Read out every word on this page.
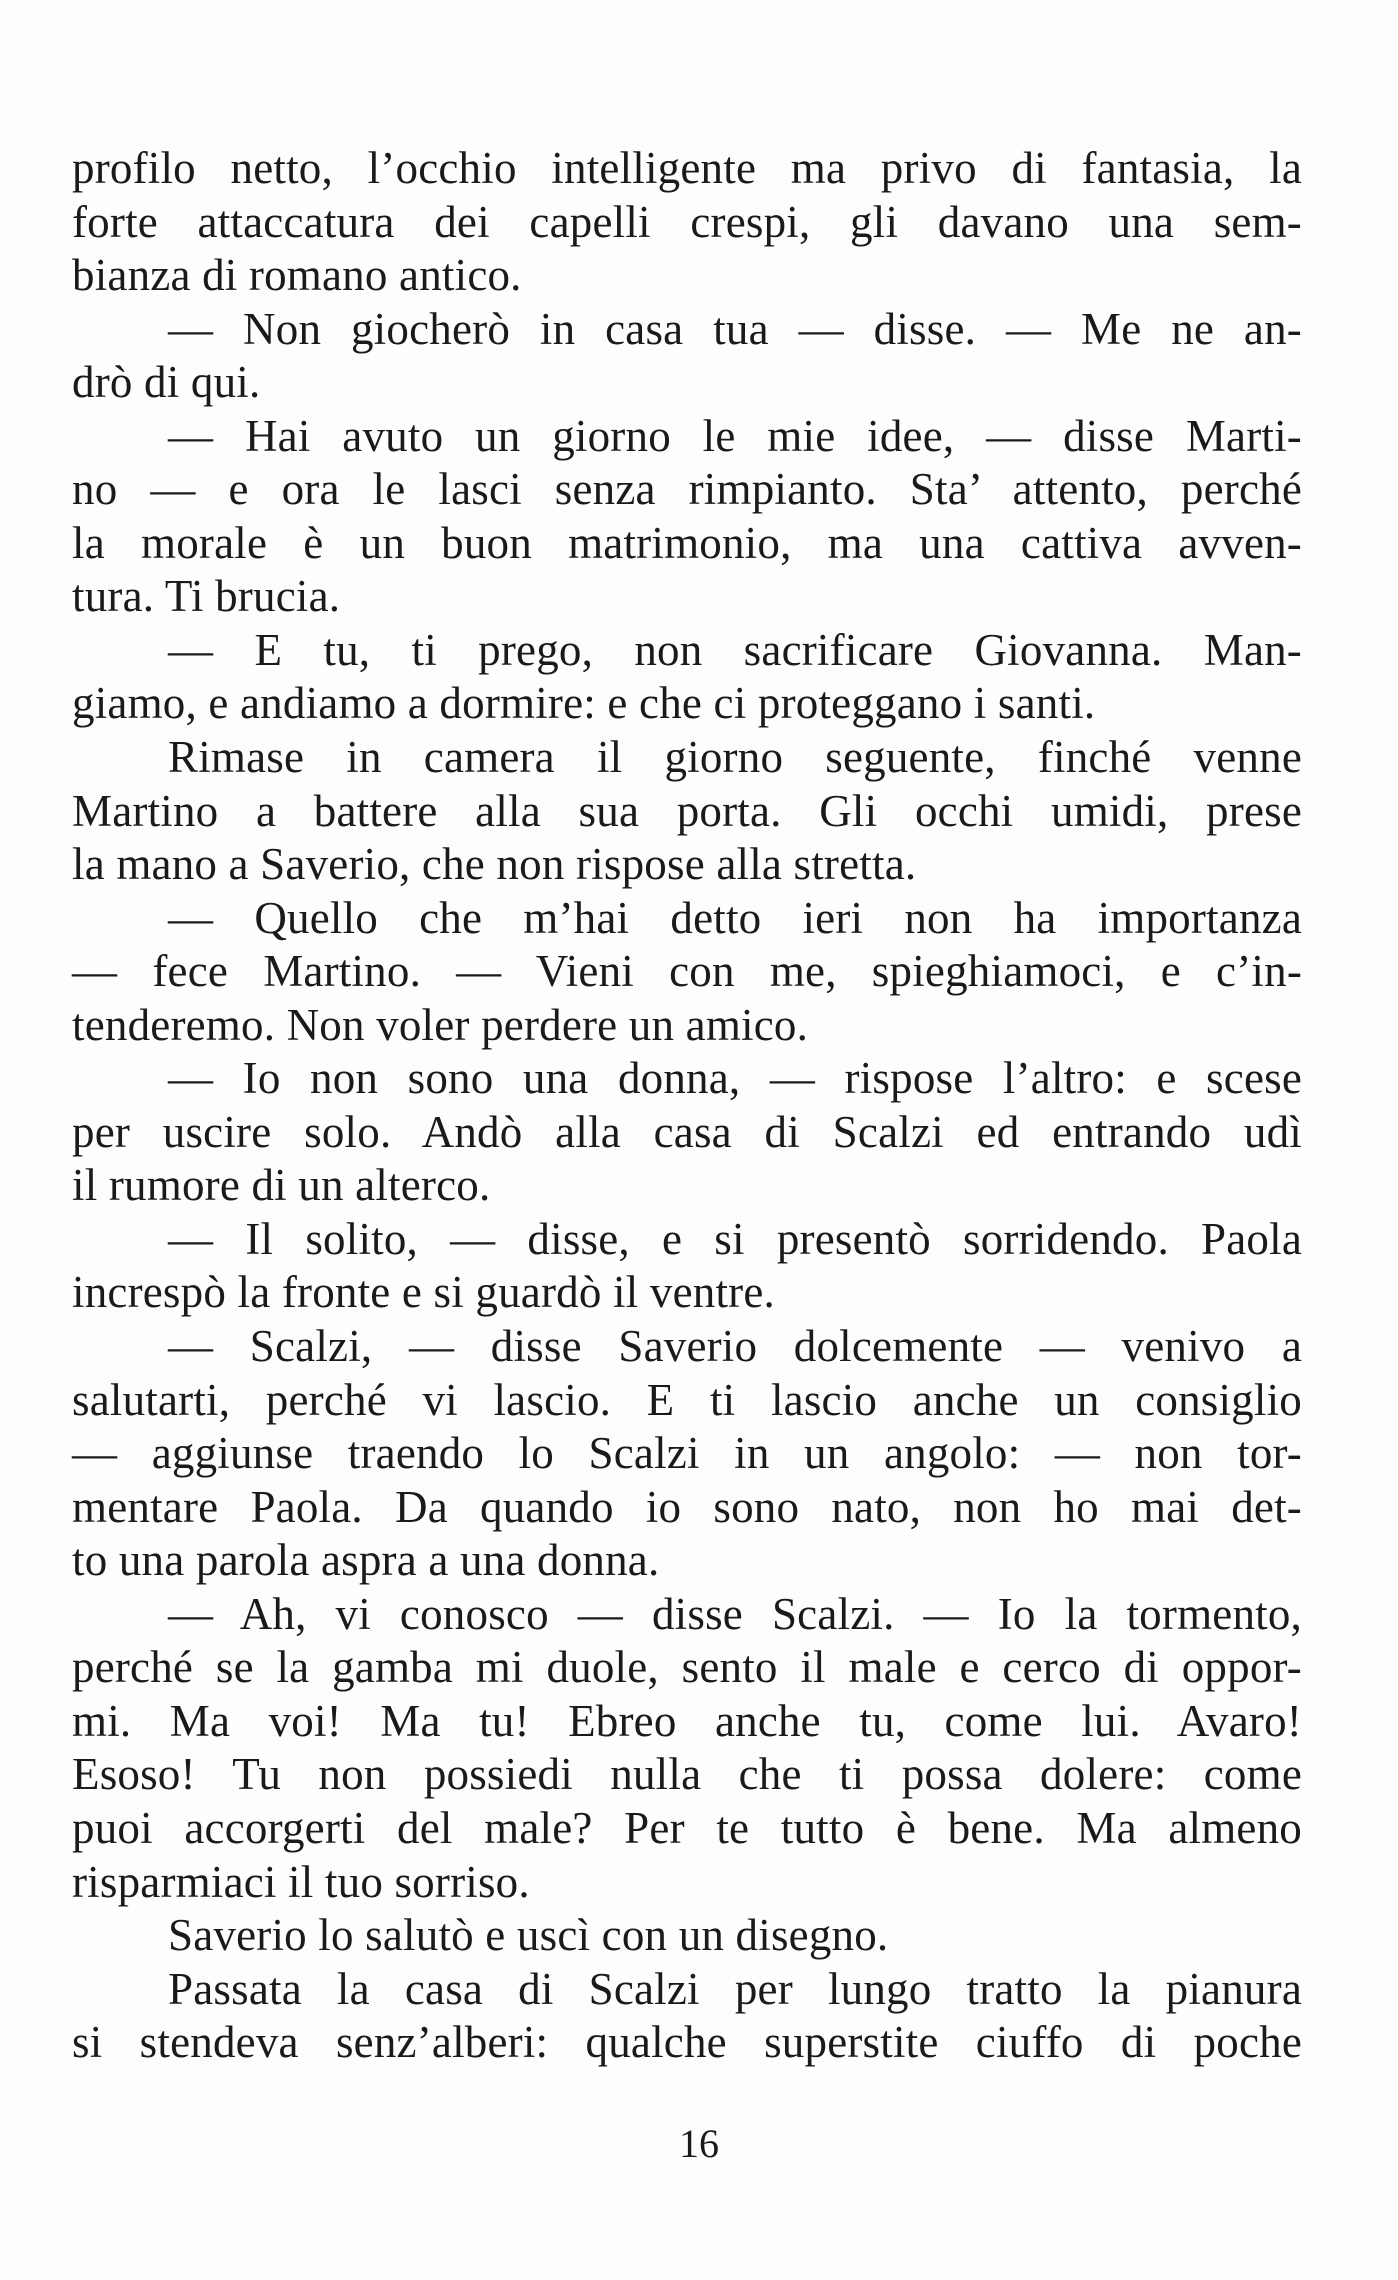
profilo netto, l’occhio intelligente ma privo di fantasia, la
forte attaccatura dei capelli crespi, gli davano una sem-
bianza di romano antico.
— Non giocherò in casa tua — disse. — Me ne an-
drò di qui.
— Hai avuto un giorno le mie idee, — disse Marti-
no — e ora le lasci senza rimpianto. Sta’ attento, perché
la morale è un buon matrimonio, ma una cattiva avven-
tura. Ti brucia.
— E tu, ti prego, non sacrificare Giovanna. Man-
giamo, e andiamo a dormire: e che ci proteggano i santi.
Rimase in camera il giorno seguente, finché venne
Martino a battere alla sua porta. Gli occhi umidi, prese
la mano a Saverio, che non rispose alla stretta.
— Quello che m’hai detto ieri non ha importanza
— fece Martino. — Vieni con me, spieghiamoci, e c’in-
tenderemo. Non voler perdere un amico.
— Io non sono una donna, — rispose l’altro: e scese
per uscire solo. Andò alla casa di Scalzi ed entrando udì
il rumore di un alterco.
— Il solito, — disse, e si presentò sorridendo. Paola
increspò la fronte e si guardò il ventre.
— Scalzi, — disse Saverio dolcemente — venivo a
salutarti, perché vi lascio. E ti lascio anche un consiglio
— aggiunse traendo lo Scalzi in un angolo: — non tor-
mentare Paola. Da quando io sono nato, non ho mai det-
to una parola aspra a una donna.
— Ah, vi conosco — disse Scalzi. — Io la tormento,
perché se la gamba mi duole, sento il male e cerco di oppor-
mi. Ma voi! Ma tu! Ebreo anche tu, come lui. Avaro!
Esoso! Tu non possiedi nulla che ti possa dolere: come
puoi accorgerti del male? Per te tutto è bene. Ma almeno
risparmiaci il tuo sorriso.
Saverio lo salutò e uscì con un disegno.
Passata la casa di Scalzi per lungo tratto la pianura
si stendeva senz’alberi: qualche superstite ciuffo di poche
16
